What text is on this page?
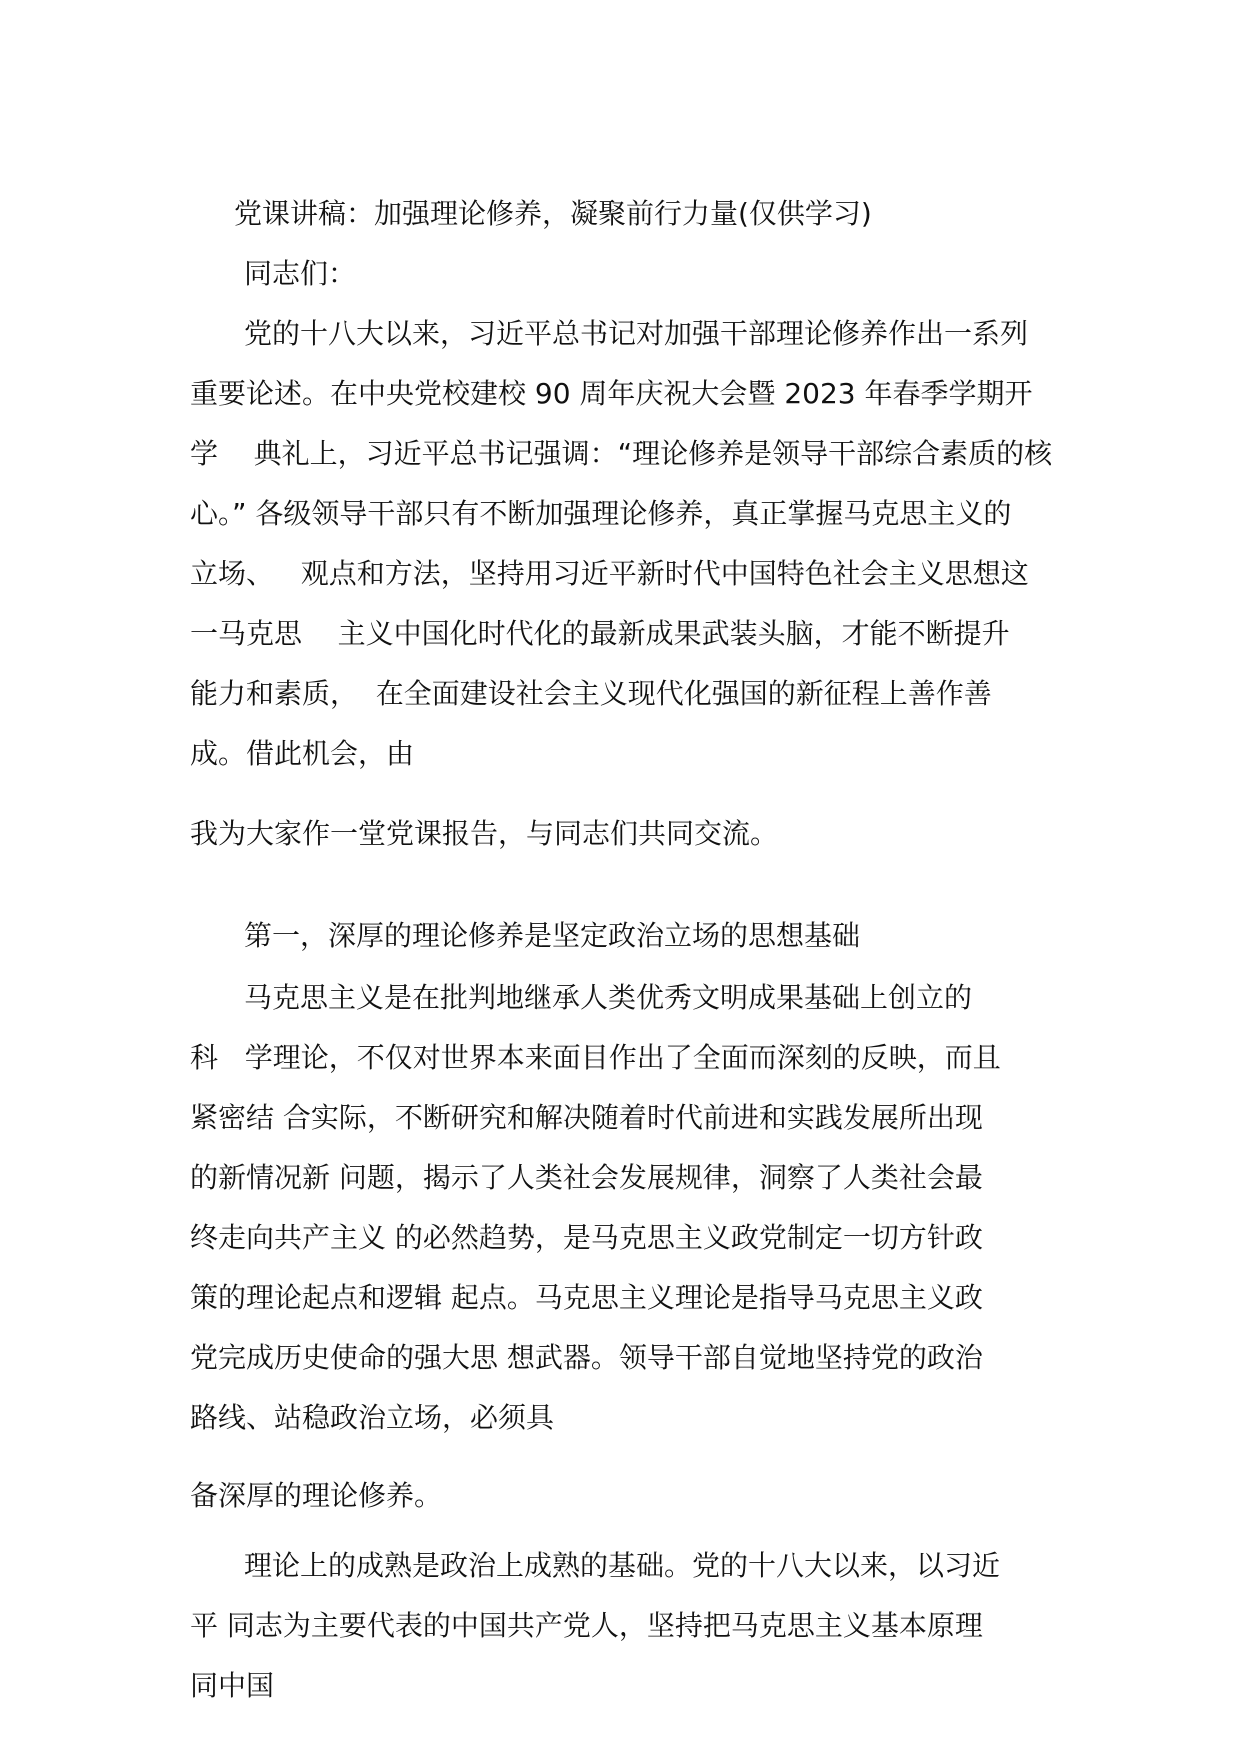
党课讲稿：加强理论修养，凝聚前行力量(仅供学习)
同志们：
党的十八大以来，习近平总书记对加强干部理论修养作出一系列
重要论述。在中央党校建校 90 周年庆祝大会暨 2023 年春季学期开
学    典礼上，习近平总书记强调：“理论修养是领导干部综合素质的核
心。” 各级领导干部只有不断加强理论修养，真正掌握马克思主义的
立场、   观点和方法，坚持用习近平新时代中国特色社会主义思想这
一马克思    主义中国化时代化的最新成果武装头脑，才能不断提升
能力和素质，  在全面建设社会主义现代化强国的新征程上善作善
成。借此机会，由
我为大家作一堂党课报告，与同志们共同交流。
第一，深厚的理论修养是坚定政治立场的思想基础
马克思主义是在批判地继承人类优秀文明成果基础上创立的
科   学理论，不仅对世界本来面目作出了全面而深刻的反映，而且
紧密结 合实际，不断研究和解决随着时代前进和实践发展所出现
的新情况新 问题，揭示了人类社会发展规律，洞察了人类社会最
终走向共产主义 的必然趋势，是马克思主义政党制定一切方针政
策的理论起点和逻辑 起点。马克思主义理论是指导马克思主义政
党完成历史使命的强大思 想武器。领导干部自觉地坚持党的政治
路线、站稳政治立场，必须具
备深厚的理论修养。
理论上的成熟是政治上成熟的基础。党的十八大以来，以习近
平 同志为主要代表的中国共产党人，坚持把马克思主义基本原理
同中国
